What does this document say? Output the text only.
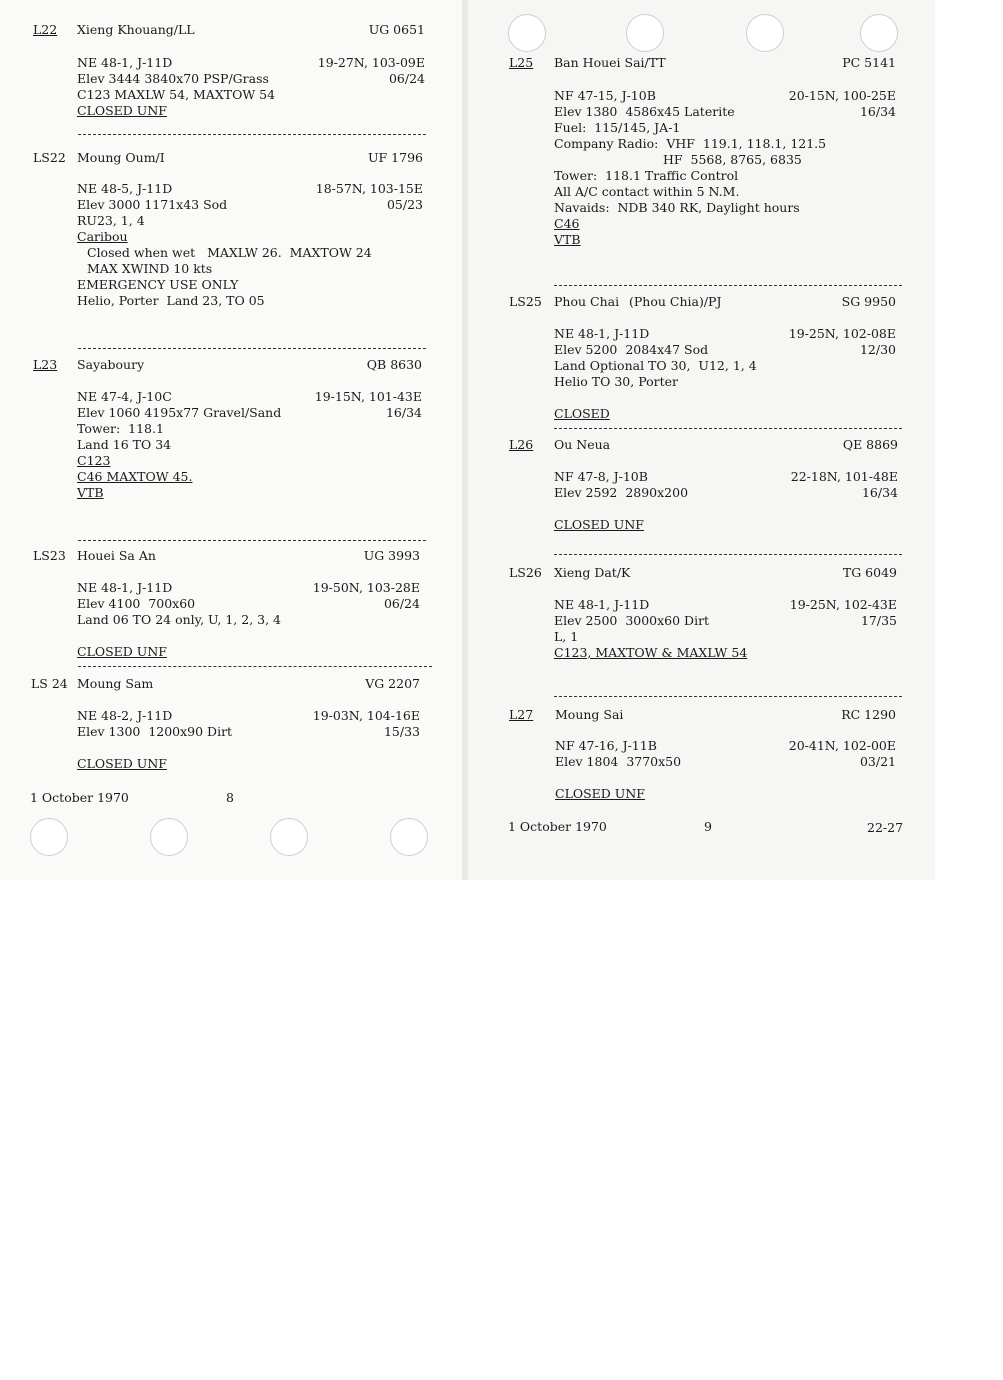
L22	Xieng Khouang/LL	UG 0651
NE 48-1, J-11D	19-27N, 103-09E
Elev 3444 3840x70 PSP/Grass	06/24
C123 MAXLW 54, MAXTOW 54
CLOSED UNF
LS22 Moung Oum/I	UF 1796
NE 48-5, J-11D	18-57N, 103-15E
Elev 3000 1171x43 Sod	05/23
RU23, 1, 4
Caribou
Closed when wet   MAXLW 26.  MAXTOW 24
MAX XWIND 10 kts
EMERGENCY USE ONLY
Helio, Porter  Land 23, TO 05
L23	Sayaboury	QB 8630
NE 47-4, J-10C	19-15N, 101-43E
Elev 1060 4195x77 Gravel/Sand	16/34
Tower:  118.1
Land 16 TO 34
C123
C46 MAXTOW 45.
VTB
LS23 Houei Sa An	UG 3993
NE 48-1, J-11D	19-50N, 103-28E
Elev 4100  700x60	06/24
Land 06 TO 24 only, U, 1, 2, 3, 4
CLOSED UNF
LS 24 Moung Sam	VG 2207
NE 48-2, J-11D	19-03N, 104-16E
Elev 1300  1200x90 Dirt	15/33
CLOSED UNF
1 October 1970	8
L25	Ban Houei Sai/TT	PC 5141
NF 47-15, J-10B	20-15N, 100-25E
Elev 1380  4586x45 Laterite	16/34
Fuel:  115/145, JA-1
Company Radio:  VHF  119.1, 118.1, 121.5
HF  5568, 8765, 6835
Tower:  118.1 Traffic Control
All A/C contact within 5 N.M.
Navaids:  NDB 340 RK, Daylight hours
C46
VTB
LS25 Phou Chai (Phou Chia)/PJ	SG 9950
NE 48-1, J-11D	19-25N, 102-08E
Elev 5200  2084x47 Sod	12/30
Land Optional TO 30,  U12, 1, 4
Helio TO 30, Porter
CLOSED
L26	Ou Neua	QE 8869
NF 47-8, J-10B	22-18N, 101-48E
Elev 2592  2890x200	16/34
CLOSED UNF
LS26 Xieng Dat/K	TG 6049
NE 48-1, J-11D	19-25N, 102-43E
Elev 2500  3000x60 Dirt	17/35
L, 1
C123, MAXTOW & MAXLW 54
L27	Moung Sai	RC 1290
NF 47-16, J-11B	20-41N, 102-00E
Elev 1804  3770x50	03/21
CLOSED UNF
1 October 1970	9	22-27
